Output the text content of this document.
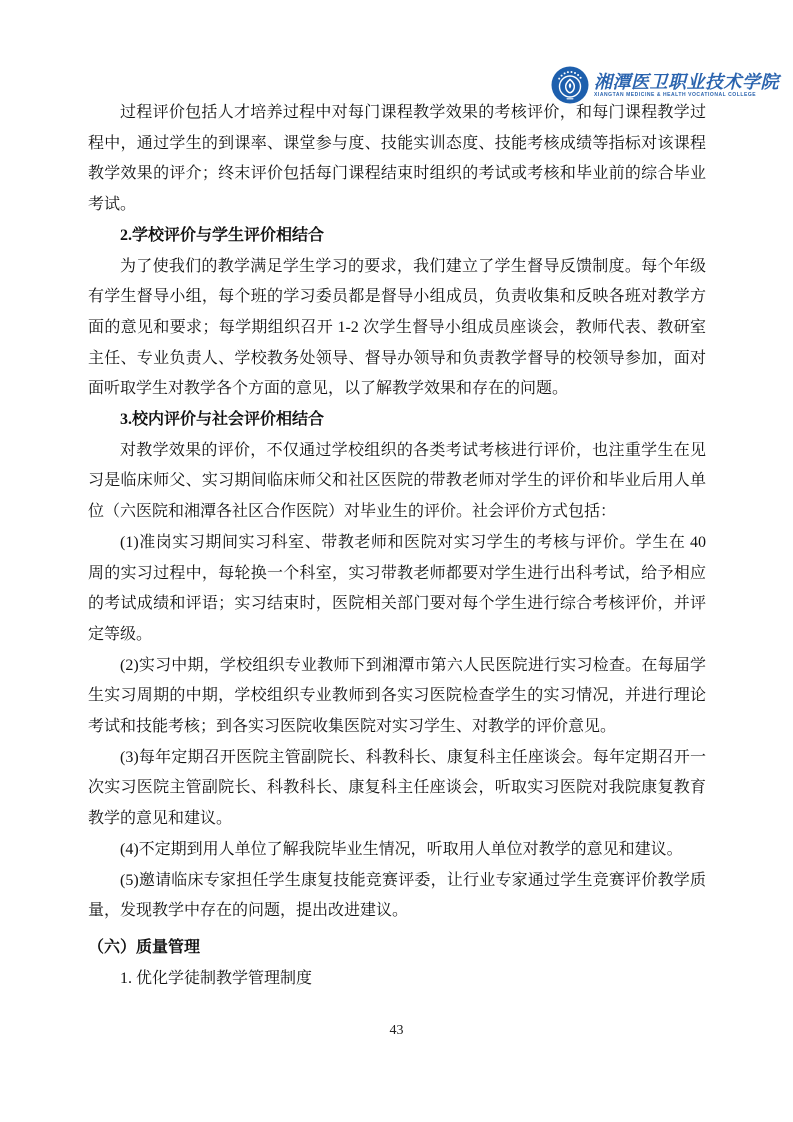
湘潭医卫职业技术学院
XIANGTAN MEDICINE & HEALTH VOCATIONAL COLLEGE

过程评价包括人才培养过程中对每门课程教学效果的考核评价，和每门课程教学过程中，通过学生的到课率、课堂参与度、技能实训态度、技能考核成绩等指标对该课程教学效果的评介；终末评价包括每门课程结束时组织的考试或考核和毕业前的综合毕业考试。

2.学校评价与学生评价相结合

为了使我们的教学满足学生学习的要求，我们建立了学生督导反馈制度。每个年级有学生督导小组，每个班的学习委员都是督导小组成员，负责收集和反映各班对教学方面的意见和要求；每学期组织召开 1-2 次学生督导小组成员座谈会，教师代表、教研室主任、专业负责人、学校教务处领导、督导办领导和负责教学督导的校领导参加，面对面听取学生对教学各个方面的意见，以了解教学效果和存在的问题。

3.校内评价与社会评价相结合

对教学效果的评价，不仅通过学校组织的各类考试考核进行评价，也注重学生在见习是临床师父、实习期间临床师父和社区医院的带教老师对学生的评价和毕业后用人单位（六医院和湘潭各社区合作医院）对毕业生的评价。社会评价方式包括：

(1)准岗实习期间实习科室、带教老师和医院对实习学生的考核与评价。学生在 40 周的实习过程中，每轮换一个科室，实习带教老师都要对学生进行出科考试，给予相应的考试成绩和评语；实习结束时，医院相关部门要对每个学生进行综合考核评价，并评定等级。

(2)实习中期，学校组织专业教师下到湘潭市第六人民医院进行实习检查。在每届学生实习周期的中期，学校组织专业教师到各实习医院检查学生的实习情况，并进行理论考试和技能考核；到各实习医院收集医院对实习学生、对教学的评价意见。

(3)每年定期召开医院主管副院长、科教科长、康复科主任座谈会。每年定期召开一次实习医院主管副院长、科教科长、康复科主任座谈会，听取实习医院对我院康复教育教学的意见和建议。

(4)不定期到用人单位了解我院毕业生情况，听取用人单位对教学的意见和建议。

(5)邀请临床专家担任学生康复技能竞赛评委，让行业专家通过学生竞赛评价教学质量，发现教学中存在的问题，提出改进建议。

（六）质量管理

1. 优化学徒制教学管理制度

43
